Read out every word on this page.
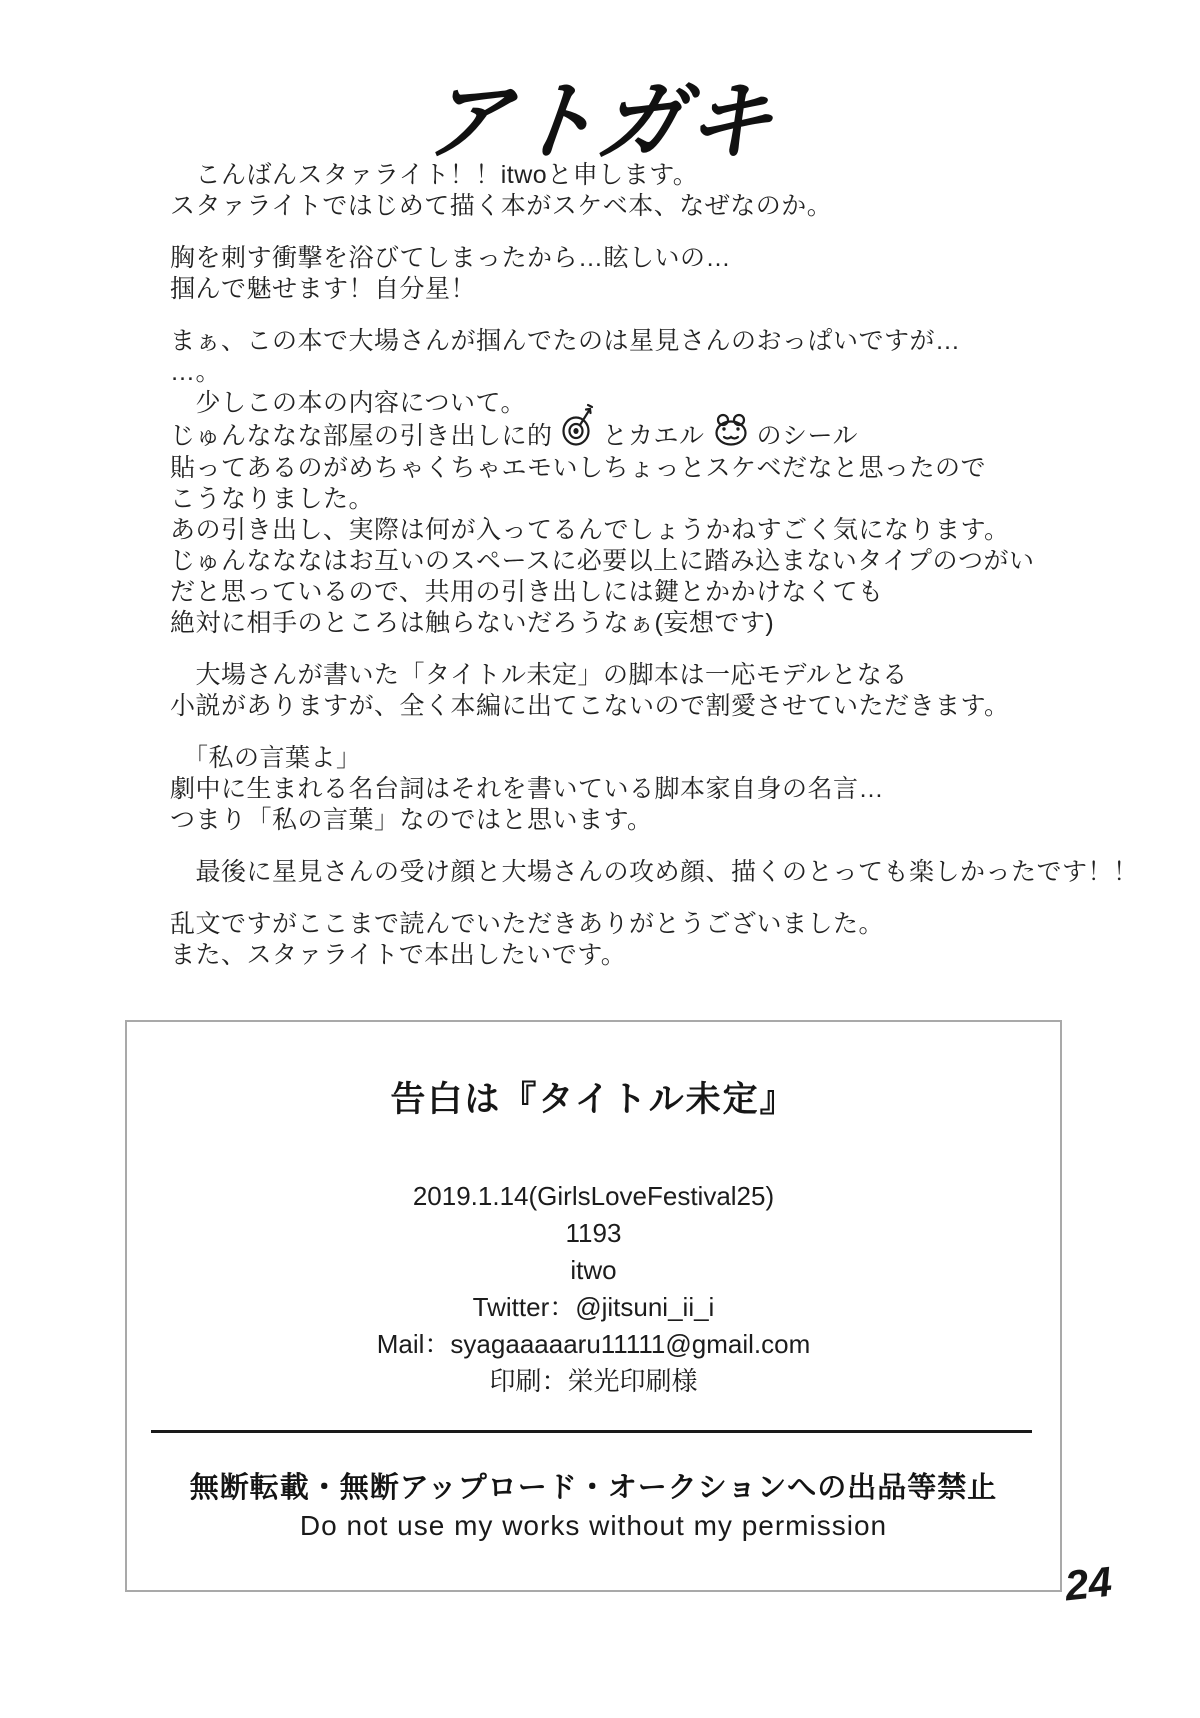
アトガキ
　こんばんスタァライト！！itwoと申します。
スタァライトではじめて描く本がスケベ本、なぜなのか。
胸を刺す衝撃を浴びてしまったから…眩しいの…
掴んで魅せます！自分星！
まぁ、この本で大場さんが掴んでたのは星見さんのおっぱいですが…
…。
　少しこの本の内容について。
じゅんななな部屋の引き出しに的 とカエル のシール
貼ってあるのがめちゃくちゃエモいしちょっとスケベだなと思ったので
こうなりました。
あの引き出し、実際は何が入ってるんでしょうかねすごく気になります。
じゅんなななはお互いのスペースに必要以上に踏み込まないタイプのつがい
だと思っているので、共用の引き出しには鍵とかかけなくても
絶対に相手のところは触らないだろうなぁ(妄想です)
　大場さんが書いた「タイトル未定」の脚本は一応モデルとなる
小説がありますが、全く本編に出てこないので割愛させていただきます。
　「私の言葉よ」
劇中に生まれる名台詞はそれを書いている脚本家自身の名言…
つまり「私の言葉」なのではと思います。
　最後に星見さんの受け顔と大場さんの攻め顔、描くのとっても楽しかったです！！
乱文ですがここまで読んでいただきありがとうございました。
また、スタァライトで本出したいです。
告白は『タイトル未定』
2019.1.14(GirlsLoveFestival25)
1193
itwo
Twitter：@jitsuni_ii_i
Mail：syagaaaaaru11111@gmail.com
印刷：栄光印刷様
無断転載・無断アップロード・オークションへの出品等禁止
Do not use my works without my permission
24
